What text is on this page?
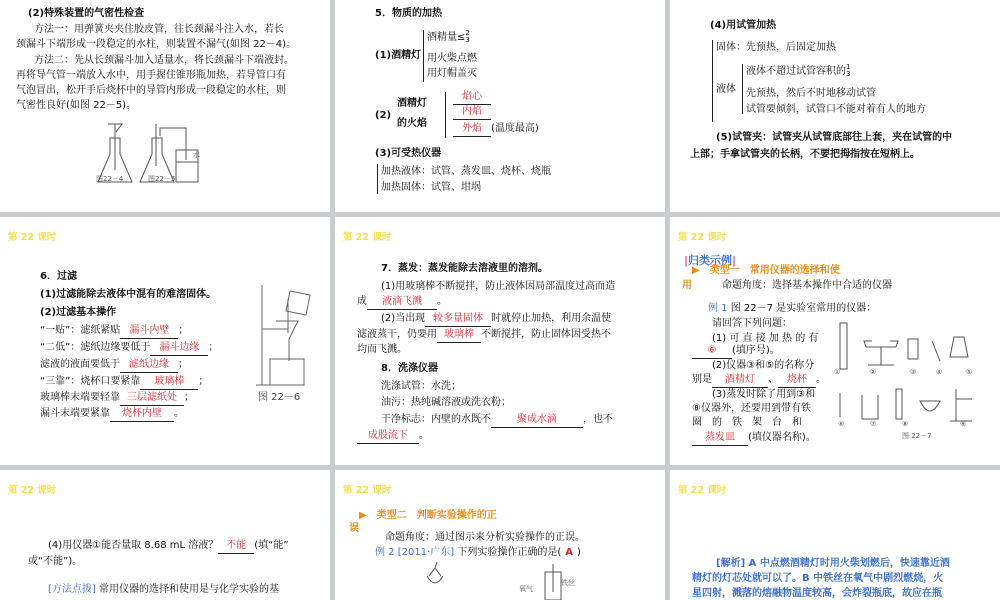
(2)特殊装置的气密性检查
方法一：用弹簧夹夹住胶皮管，往长颈漏斗注入水，若长
颈漏斗下端形成一段稳定的水柱，则装置不漏气(如图 22－4)。
方法二：先从长颈漏斗加入适量水，将长颈漏斗下端液封。
再将导气管一端放入水中，用手握住锥形瓶加热，若导管口有
气泡冒出，松开手后烧杯中的导管内形成一段稳定的水柱，则
气密性良好(如图 22－5)。
图22－4	图22－5
水
5．物质的加热
(1)酒精灯
酒精量≤2
3
用火柴点燃
用灯帽盖灭
(2)
酒精灯
的火焰
焰心
内焰
外焰 (温度最高)
(3)可受热仪器
加热液体：试管、蒸发皿、烧杯、烧瓶
加热固体：试管、坩埚
(4)用试管加热
固体：先预热，后固定加热
液体
液体不超过试管容积的1
3
先预热，然后不时地移动试管
试管要倾斜，试管口不能对着有人的地方
(5)试管夹：试管夹从试管底部往上套，夹在试管的中
上部；手拿试管夹的长柄，不要把拇指按在短柄上。
第 22 课时
6．过滤
(1)过滤能除去液体中混有的难溶固体。
(2)过滤基本操作
“一贴”：滤纸紧贴 漏斗内壁 ；
“二低”：滤纸边缘要低于 漏斗边缘 ；
滤液的液面要低于 滤纸边缘 ；
“三靠”：烧杯口要紧靠 玻璃棒 ；
玻璃棒末端要轻靠 三层滤纸处 ；
漏斗末端要紧靠 烧杯内壁 。
图 22－6
第 22 课时
7．蒸发：蒸发能除去溶液里的溶剂。
(1)用玻璃棒不断搅拌，防止液体因局部温度过高而造
成 液滴飞溅 。
(2)当出现 较多量固体 时就停止加热，利用余温使
滤液蒸干，仍要用 玻璃棒 不断搅拌，防止固体因受热不
均而飞溅。
8．洗涤仪器
洗涤试管：水洗；
油污：热纯碱溶液或洗衣粉；
干净标志：内壁的水既不	聚成水滴	，也不
成股流下 。
第 22 课时
|归类示例|
▶　类型一　常用仪器的选择和使
用	命题角度：选择基本操作中合适的仪器
例 1 图 22－7 是实验室常用的仪器：
请回答下列问题：
(1) 可 直 接 加 热 的 有
⑥ (填序号)。
(2)仪器③和⑤的名称分
别是 酒精灯 、 烧杯 。
(3)蒸发时除了用到③和
⑧仪器外，还要用到带有铁
圈　的　铁　架　台　和
蒸发皿 (填仪器名称)。
①	②	③	④	⑤
⑥	⑦	⑧	⑨
图 22－7
第 22 课时
(4)用仪器①能否量取 8.68 mL 溶液？ 不能 (填“能”
或“不能”)。
[方法点拨] 常用仪器的选择和使用是与化学实验的基
第 22 课时
▶　类型二　判断实验操作的正
误
命题角度：通过图示来分析实验操作的正误。
例 2 [2011·广东] 下列实验操作正确的是( A )
氧气
铁丝
第 22 课时
[解析] A 中点燃酒精灯时用火柴划燃后，快速靠近酒
精灯的灯芯处就可以了。B 中铁丝在氧气中剧烈燃烧，火
星四射，溅落的熔融物温度较高，会炸裂瓶底，故应在瓶
